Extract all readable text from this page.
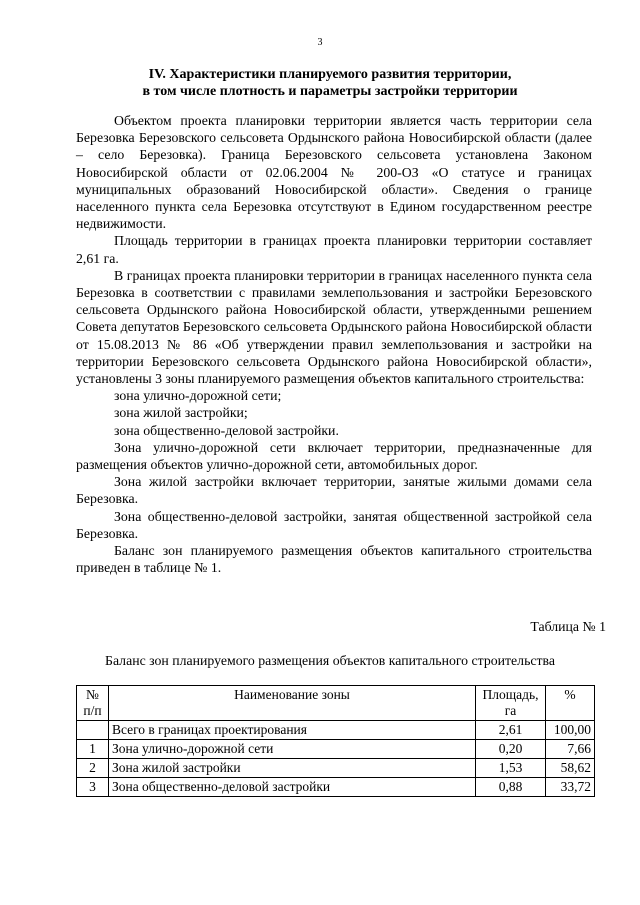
3
IV. Характеристики планируемого развития территории,
в том числе плотность и параметры застройки территории

Объектом проекта планировки территории является часть территории села Березовка Березовского сельсовета Ордынского района Новосибирской области (далее – село Березовка). Граница Березовского сельсовета установлена Законом Новосибирской области от 02.06.2004 № 200-ОЗ «О статусе и границах муниципальных образований Новосибирской области». Сведения о границе населенного пункта села Березовка отсутствуют в Едином государственном реестре недвижимости.

Площадь территории в границах проекта планировки территории составляет 2,61 га.

В границах проекта планировки территории в границах населенного пункта села Березовка в соответствии с правилами землепользования и застройки Березовского сельсовета Ордынского района Новосибирской области, утвержденными решением Совета депутатов Березовского сельсовета Ордынского района Новосибирской области от 15.08.2013 № 86 «Об утверждении правил землепользования и застройки на территории Березовского сельсовета Ордынского района Новосибирской области», установлены 3 зоны планируемого размещения объектов капитального строительства:

зона улично-дорожной сети;

зона жилой застройки;

зона общественно-деловой застройки.

Зона улично-дорожной сети включает территории, предназначенные для размещения объектов улично-дорожной сети, автомобильных дорог.

Зона жилой застройки включает территории, занятые жилыми домами села Березовка.

Зона общественно-деловой застройки, занятая общественной застройкой села Березовка.

Баланс зон планируемого размещения объектов капитального строительства приведен в таблице № 1.

Таблица № 1
Баланс зон планируемого размещения объектов капитального строительства
№ п/п	Наименование зоны	Площадь, га	%
	Всего в границах проектирования	2,61	100,00
1	Зона улично-дорожной сети	0,20	7,66
2	Зона жилой застройки	1,53	58,62
3	Зона общественно-деловой застройки	0,88	33,72
